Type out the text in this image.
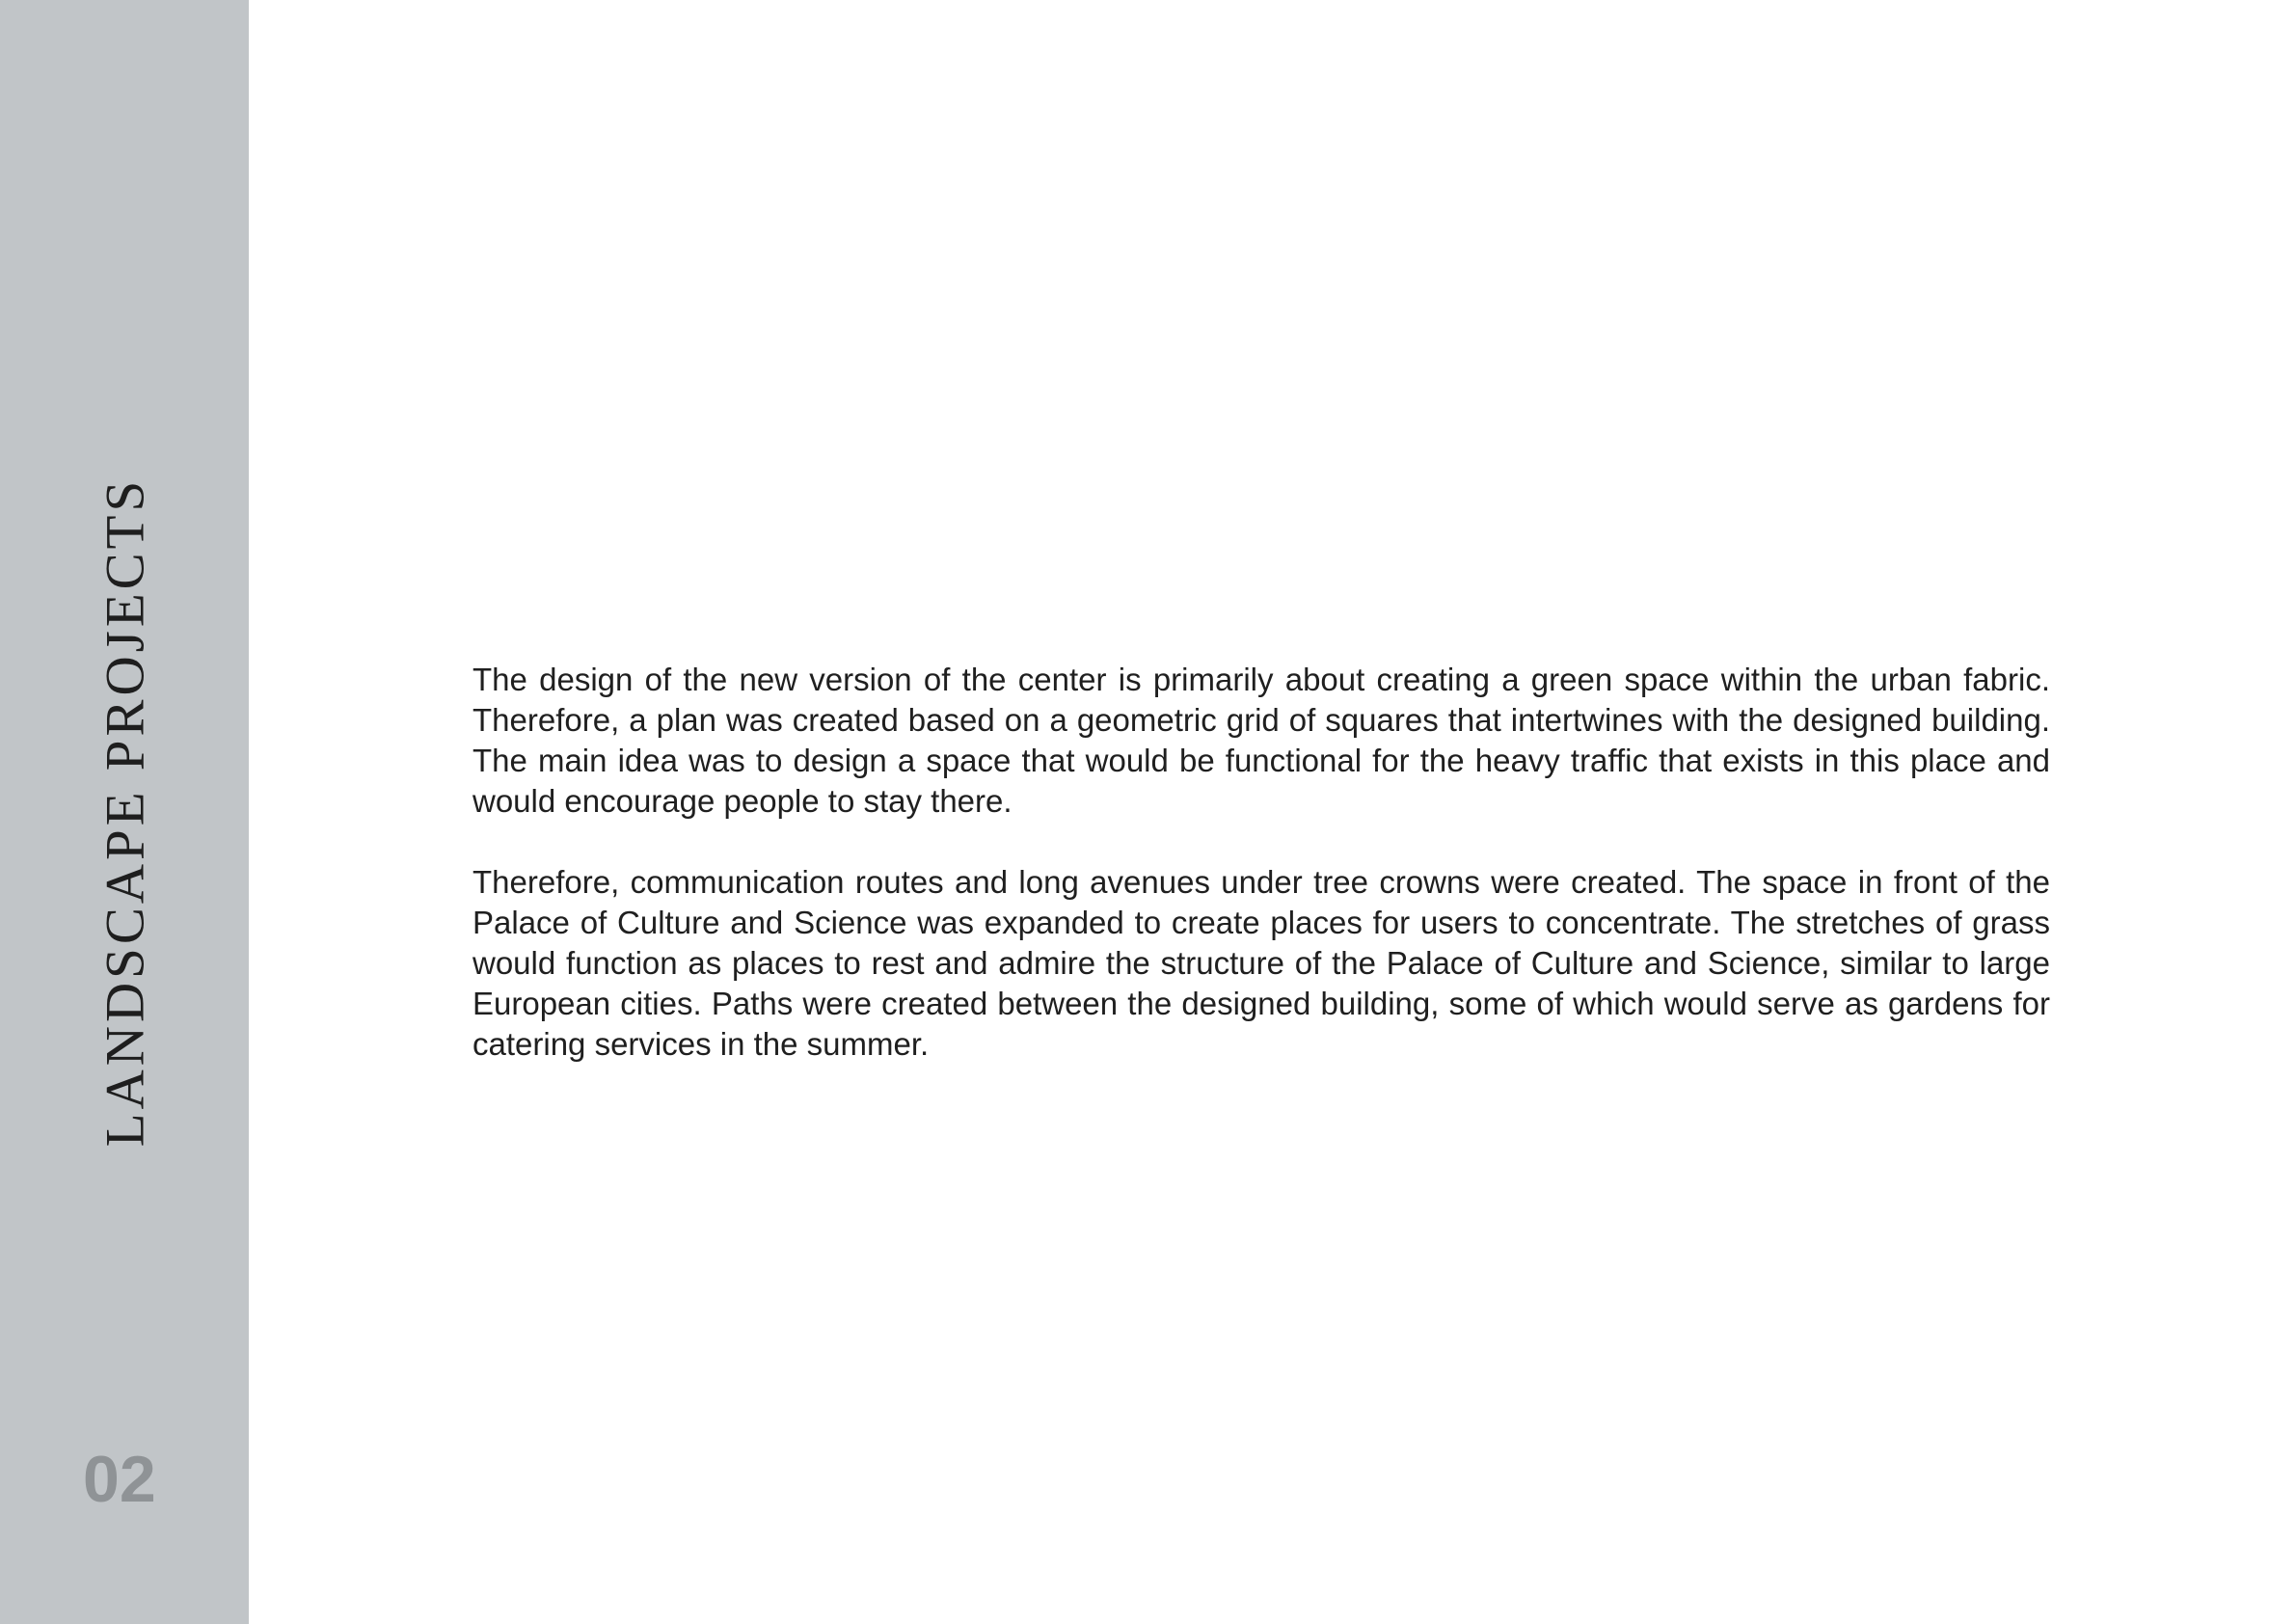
LANDSCAPE PROJECTS
02

The design of the new version of the center is primarily about creating a green space within the urban fabric. Therefore, a plan was created based on a geometric grid of squares that intertwines with the designed building. The main idea was to design a space that would be functional for the heavy traffic that exists in this place and would encourage people to stay there.

Therefore, communication routes and long avenues under tree crowns were created. The space in front of the Palace of Culture and Science was expanded to create places for users to concentrate. The stretches of grass would function as places to rest and admire the structure of the Palace of Culture and Science, similar to large European cities. Paths were created between the designed building, some of which would serve as gardens for catering services in the summer.
